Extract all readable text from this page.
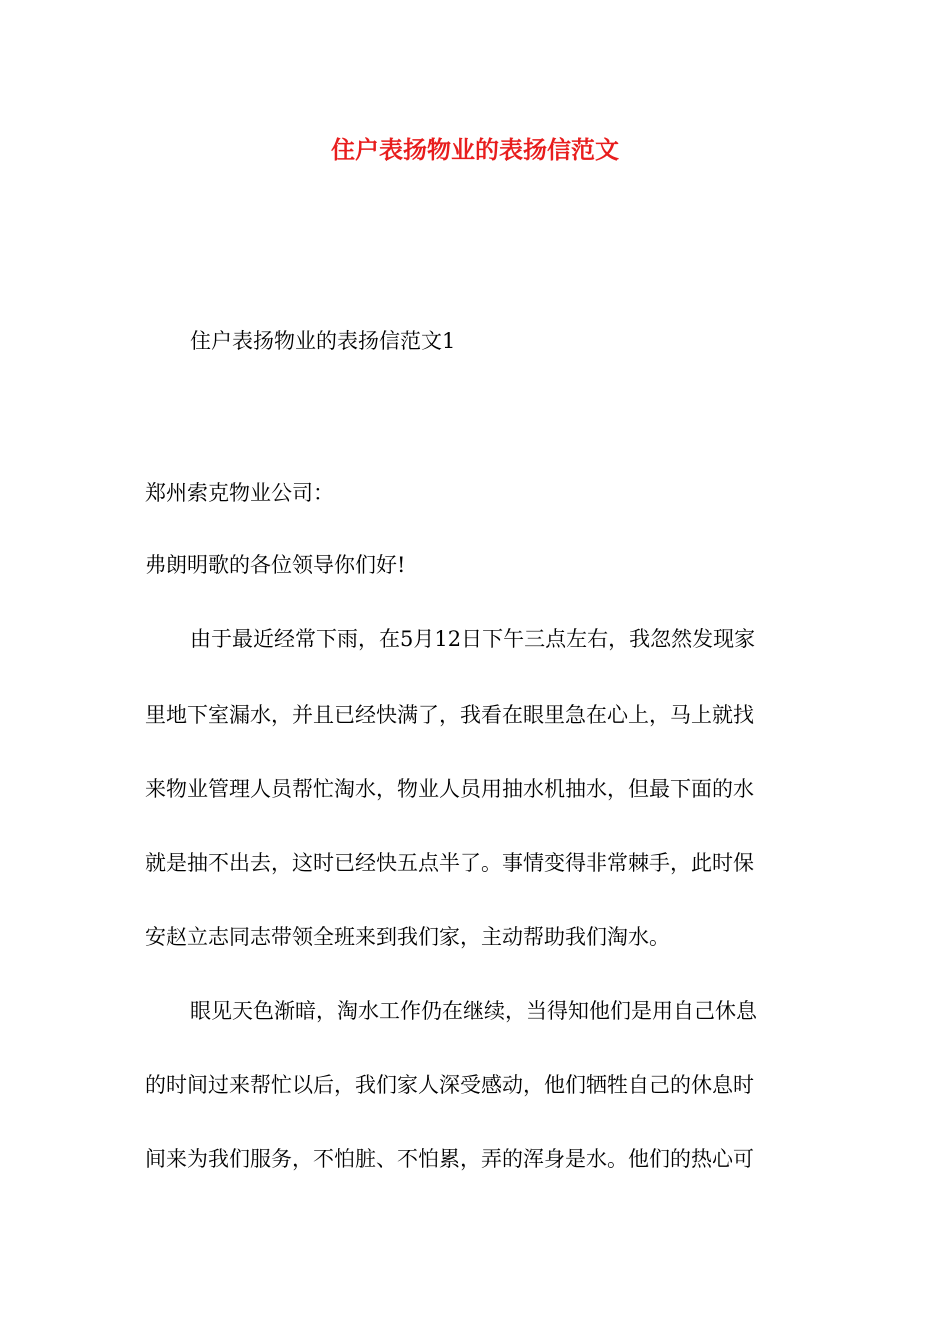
住户表扬物业的表扬信范文

住户表扬物业的表扬信范文1

郑州索克物业公司：

弗朗明歌的各位领导你们好!

由于最近经常下雨，在5月12日下午三点左右，我忽然发现家

里地下室漏水，并且已经快满了，我看在眼里急在心上，马上就找

来物业管理人员帮忙淘水，物业人员用抽水机抽水，但最下面的水

就是抽不出去，这时已经快五点半了。事情变得非常棘手，此时保

安赵立志同志带领全班来到我们家，主动帮助我们淘水。

眼见天色渐暗，淘水工作仍在继续，当得知他们是用自己休息

的时间过来帮忙以后，我们家人深受感动，他们牺牲自己的休息时

间来为我们服务，不怕脏、不怕累，弄的浑身是水。他们的热心可
